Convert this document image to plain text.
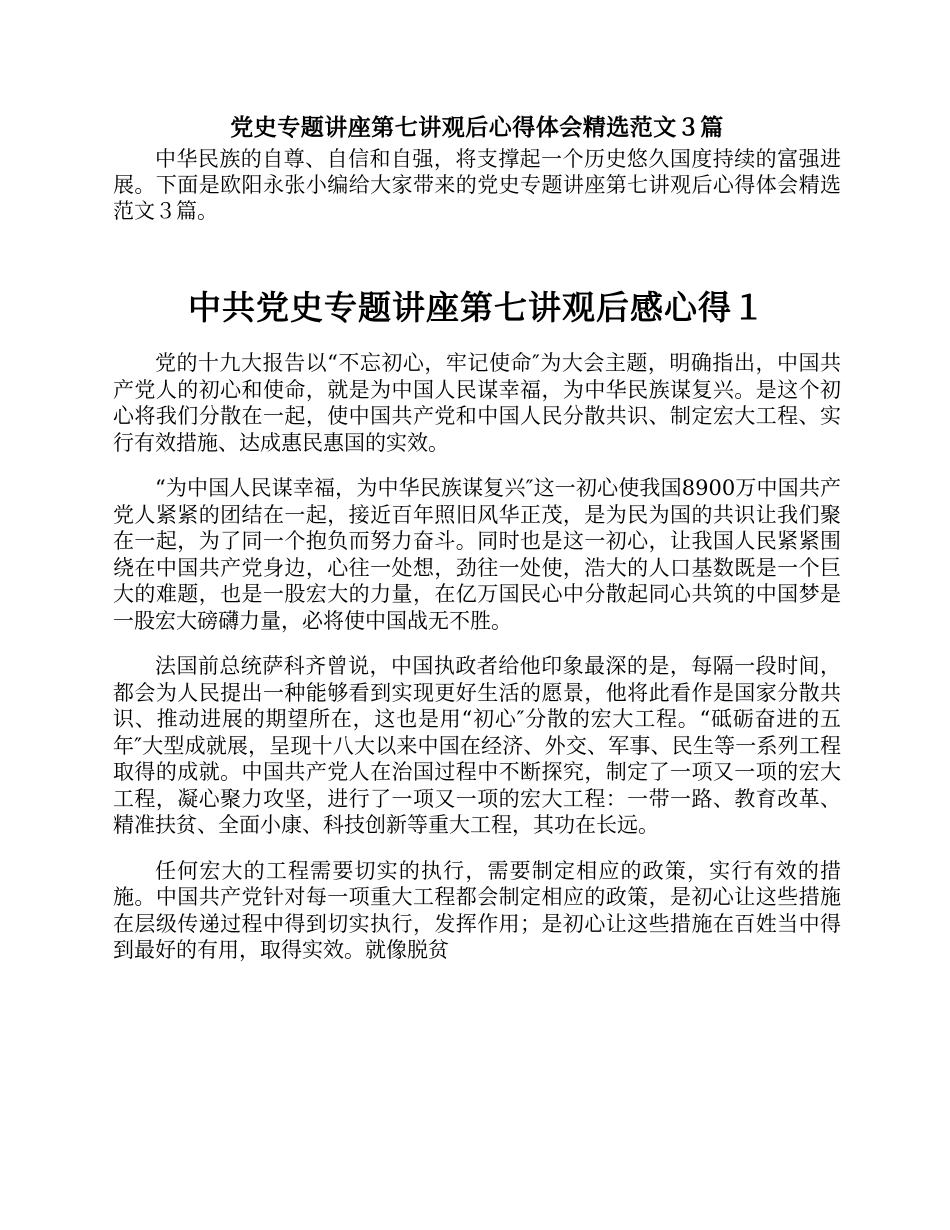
党史专题讲座第七讲观后心得体会精选范文３篇

中华民族的自尊、自信和自强，将支撑起一个历史悠久国度持续的富强进展。下面是欧阳永张小编给大家带来的党史专题讲座第七讲观后心得体会精选范文３篇。

中共党史专题讲座第七讲观后感心得１

党的十九大报告以“不忘初心，牢记使命″为大会主题，明确指出，中国共产党人的初心和使命，就是为中国人民谋幸福，为中华民族谋复兴。是这个初心将我们分散在一起，使中国共产党和中国人民分散共识、制定宏大工程、实行有效措施、达成惠民惠国的实效。

“为中国人民谋幸福，为中华民族谋复兴″这一初心使我国8900万中国共产党人紧紧的团结在一起，接近百年照旧风华正茂，是为民为国的共识让我们聚在一起，为了同一个抱负而努力奋斗。同时也是这一初心，让我国人民紧紧围绕在中国共产党身边，心往一处想，劲往一处使，浩大的人口基数既是一个巨大的难题，也是一股宏大的力量，在亿万国民心中分散起同心共筑的中国梦是一股宏大磅礴力量，必将使中国战无不胜。

法国前总统萨科齐曾说，中国执政者给他印象最深的是，每隔一段时间，都会为人民提出一种能够看到实现更好生活的愿景，他将此看作是国家分散共识、推动进展的期望所在，这也是用“初心″分散的宏大工程。“砥砺奋进的五年″大型成就展，呈现十八大以来中国在经济、外交、军事、民生等一系列工程取得的成就。中国共产党人在治国过程中不断探究，制定了一项又一项的宏大工程，凝心聚力攻坚，进行了一项又一项的宏大工程：一带一路、教育改革、精准扶贫、全面小康、科技创新等重大工程，其功在长远。

任何宏大的工程需要切实的执行，需要制定相应的政策，实行有效的措施。中国共产党针对每一项重大工程都会制定相应的政策，是初心让这些措施在层级传递过程中得到切实执行，发挥作用；是初心让这些措施在百姓当中得到最好的有用，取得实效。就像脱贫
